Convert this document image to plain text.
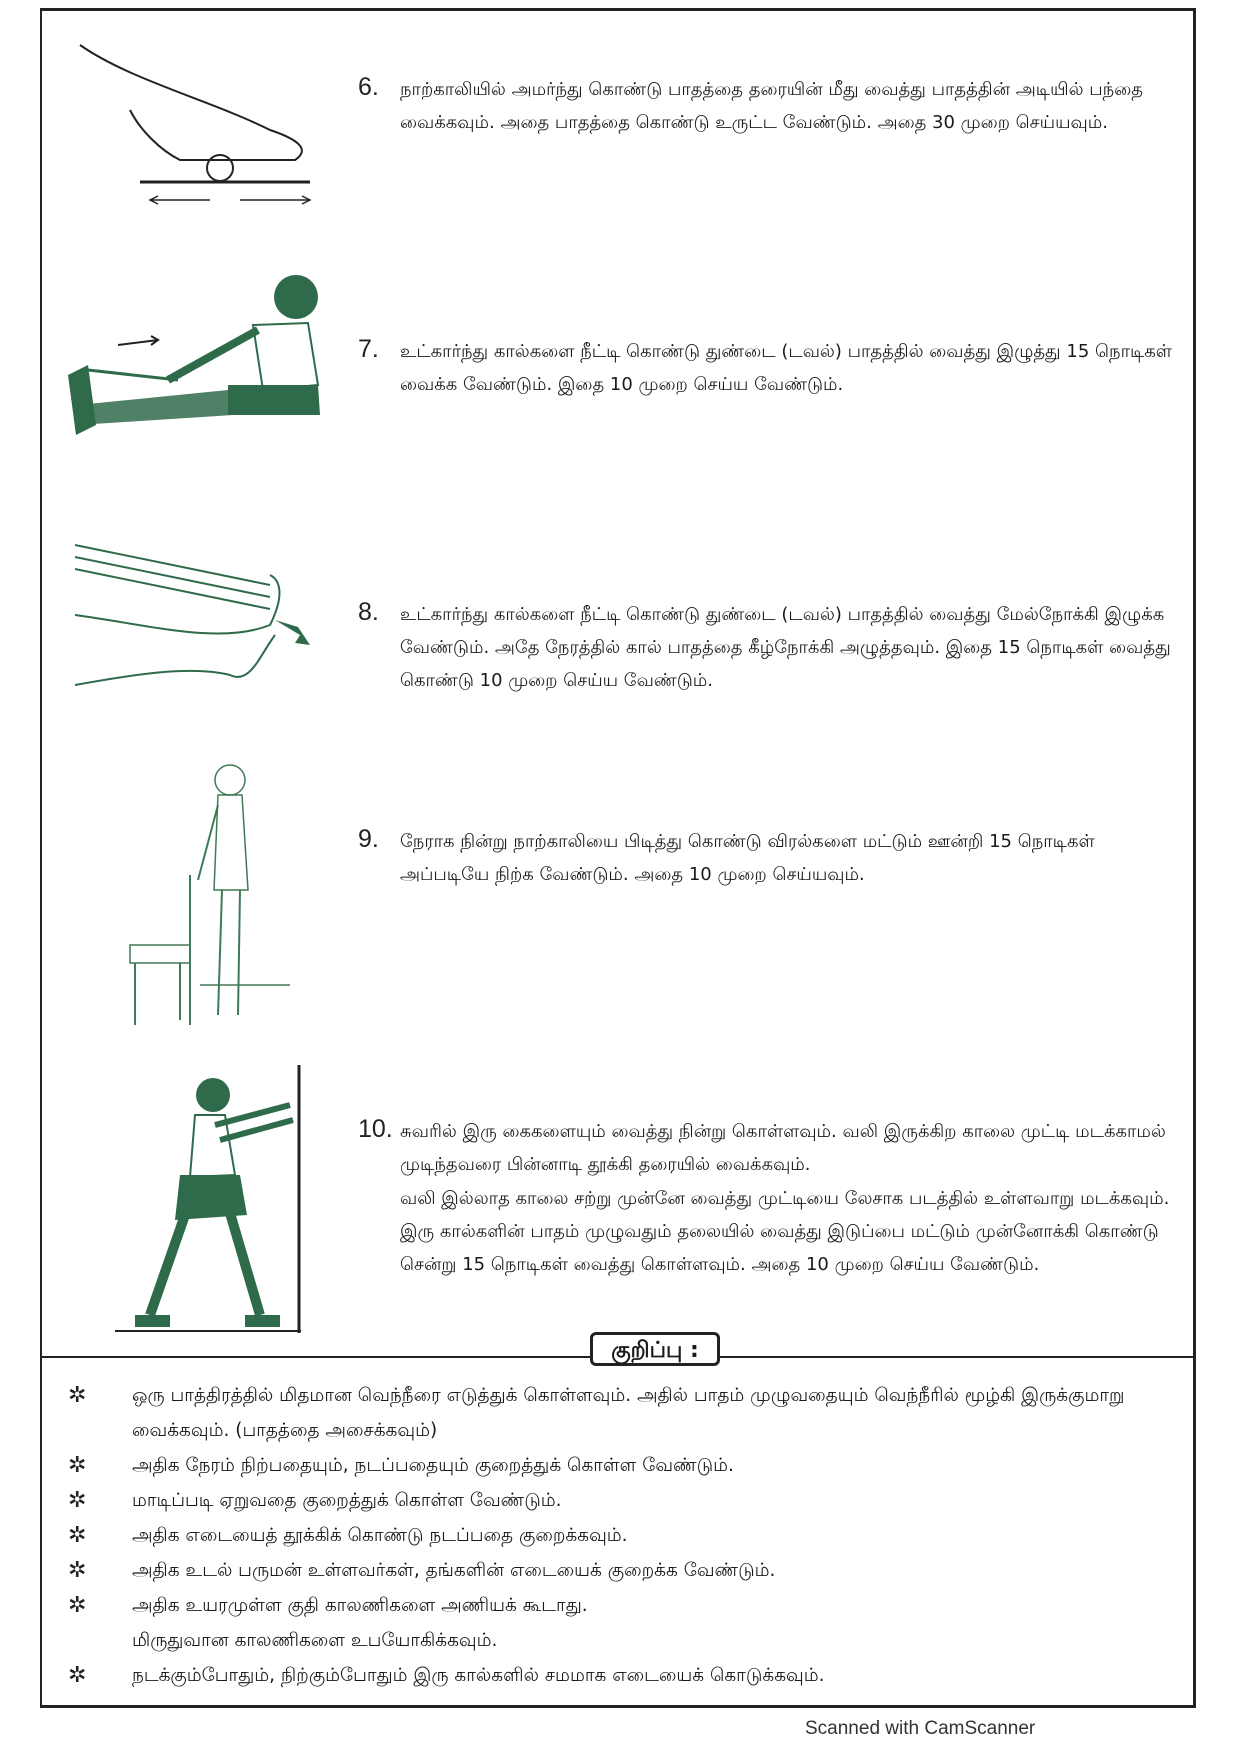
6. நாற்காலியில் அமர்ந்து கொண்டு பாதத்தை தரையின் மீது வைத்து பாதத்தின் அடியில் பந்தை வைக்கவும். அதை பாதத்தை கொண்டு உருட்ட வேண்டும். அதை 30 முறை செய்யவும்.
7. உட்கார்ந்து கால்களை நீட்டி கொண்டு துண்டை (டவல்) பாதத்தில் வைத்து இழுத்து 15 நொடிகள் வைக்க வேண்டும். இதை 10 முறை செய்ய வேண்டும்.
8. உட்கார்ந்து கால்களை நீட்டி கொண்டு துண்டை (டவல்) பாதத்தில் வைத்து மேல்நோக்கி இழுக்க வேண்டும். அதே நேரத்தில் கால் பாதத்தை கீழ்நோக்கி அழுத்தவும். இதை 15 நொடிகள் வைத்து கொண்டு 10 முறை செய்ய வேண்டும்.
9. நேராக நின்று நாற்காலியை பிடித்து கொண்டு விரல்களை மட்டும் ஊன்றி 15 நொடிகள் அப்படியே நிற்க வேண்டும். அதை 10 முறை செய்யவும்.
10. சுவரில் இரு கைகளையும் வைத்து நின்று கொள்ளவும். வலி இருக்கிற காலை முட்டி மடக்காமல் முடிந்தவரை பின்னாடி தூக்கி தரையில் வைக்கவும்.
வலி இல்லாத காலை சற்று முன்னே வைத்து முட்டியை லேசாக படத்தில் உள்ளவாறு மடக்கவும். இரு கால்களின் பாதம் முழுவதும் தலையில் வைத்து இடுப்பை மட்டும் முன்னோக்கி கொண்டு சென்று 15 நொடிகள் வைத்து கொள்ளவும். அதை 10 முறை செய்ய வேண்டும்.
குறிப்பு :
✲ ஒரு பாத்திரத்தில் மிதமான வெந்நீரை எடுத்துக் கொள்ளவும். அதில் பாதம் முழுவதையும் வெந்நீரில் மூழ்கி இருக்குமாறு வைக்கவும். (பாதத்தை அசைக்கவும்)
✲ அதிக நேரம் நிற்பதையும், நடப்பதையும் குறைத்துக் கொள்ள வேண்டும்.
✲ மாடிப்படி ஏறுவதை குறைத்துக் கொள்ள வேண்டும்.
✲ அதிக எடையைத் தூக்கிக் கொண்டு நடப்பதை குறைக்கவும்.
✲ அதிக உடல் பருமன் உள்ளவர்கள், தங்களின் எடையைக் குறைக்க வேண்டும்.
✲ அதிக உயரமுள்ள குதி காலணிகளை அணியக் கூடாது.
மிருதுவான காலணிகளை உபயோகிக்கவும்.
✲ நடக்கும்போதும், நிற்கும்போதும் இரு கால்களில் சமமாக எடையைக் கொடுக்கவும்.
Scanned with CamScanner
